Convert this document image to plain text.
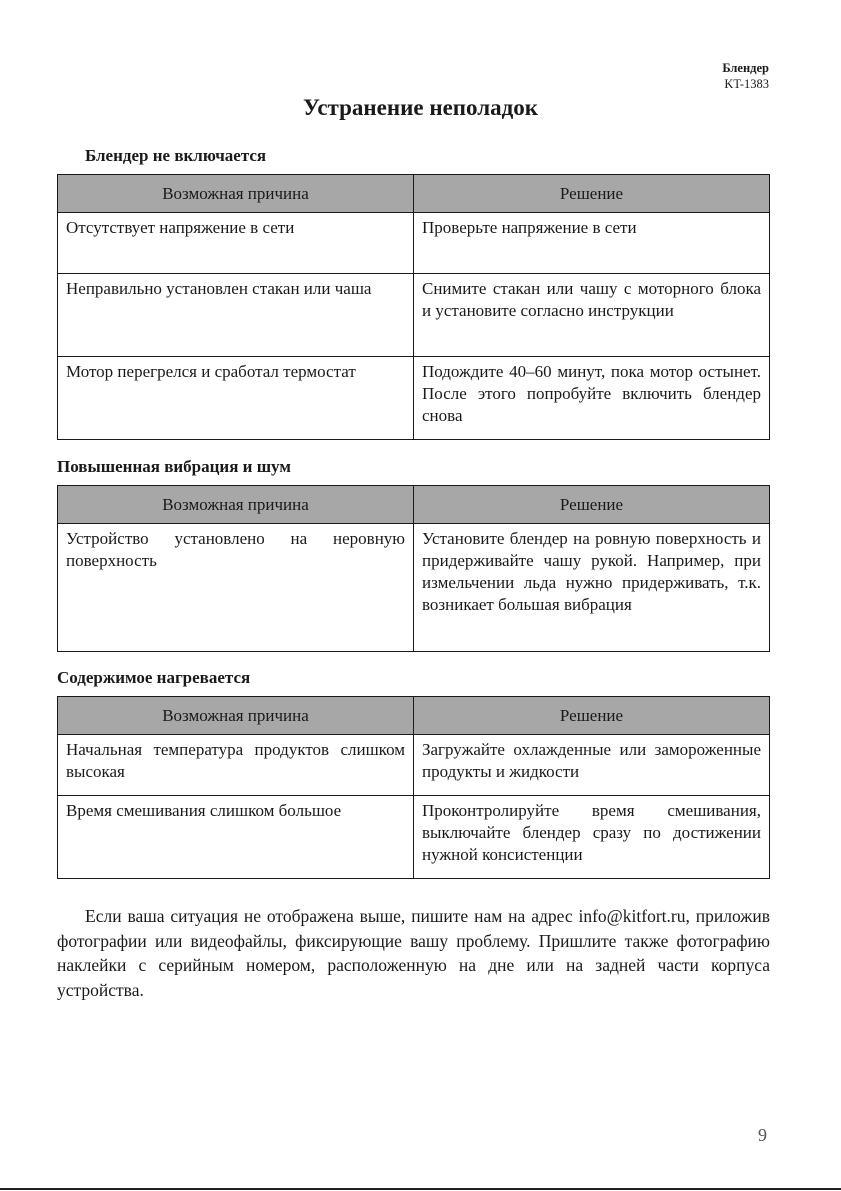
Блендер
KT-1383
Устранение неполадок
Блендер не включается
Возможная причина	Решение
Отсутствует напряжение в сети	Проверьте напряжение в сети
Неправильно установлен стакан или чаша	Снимите стакан или чашу с моторного блока и установите согласно инструкции
Мотор перегрелся и сработал термостат	Подождите 40–60 минут, пока мотор остынет. После этого попробуйте включить блендер снова
Повышенная вибрация и шум
Возможная причина	Решение
Устройство установлено на неровную поверхность	Установите блендер на ровную поверхность и придерживайте чашу рукой. Например, при измельчении льда нужно придерживать, т.к. возникает большая вибрация
Содержимое нагревается
Возможная причина	Решение
Начальная температура продуктов слишком высокая	Загружайте охлажденные или замороженные продукты и жидкости
Время смешивания слишком большое	Проконтролируйте время смешивания, выключайте блендер сразу по достижении нужной консистенции

Если ваша ситуация не отображена выше, пишите нам на адрес info@kitfort.ru, приложив фотографии или видеофайлы, фиксирующие вашу проблему. Пришлите также фотографию наклейки с серийным номером, расположенную на дне или на задней части корпуса устройства.

9
